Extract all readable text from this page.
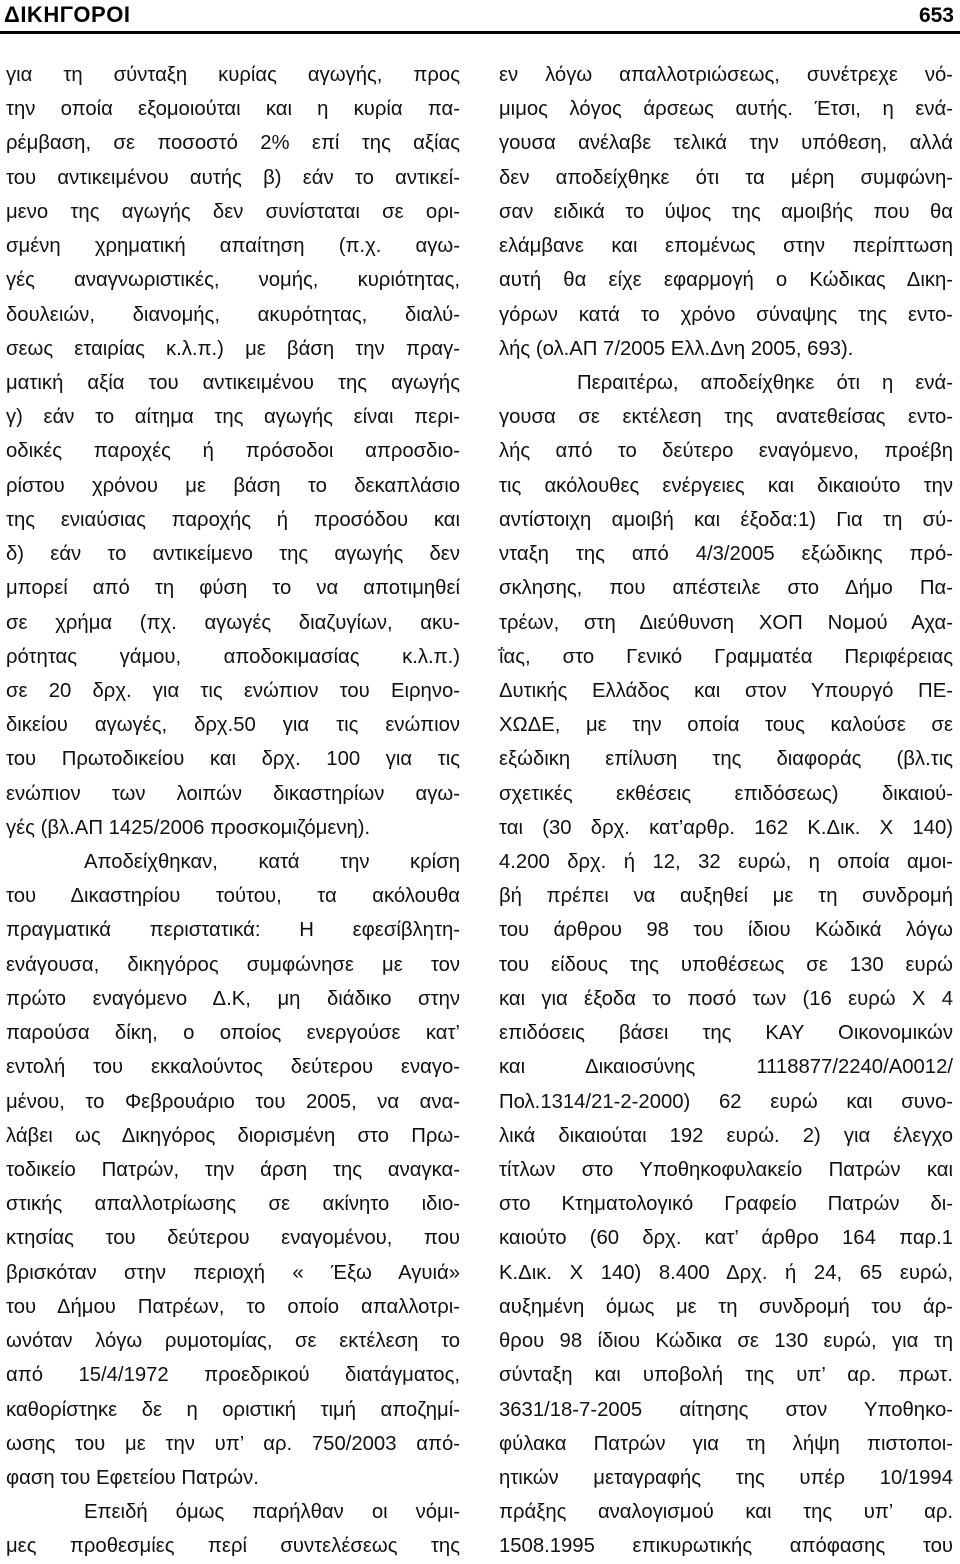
ΔΙΚΗΓΟΡΟΙ	653
για τη σύνταξη κυρίας αγωγής, προς
την οποία εξομοιούται και η κυρία πα-
ρέμβαση, σε ποσοστό 2% επί της αξίας
του αντικειμένου αυτής β) εάν το αντικεί-
μενο της αγωγής δεν συνίσταται σε ορι-
σμένη χρηματική απαίτηση (π.χ. αγω-
γές αναγνωριστικές, νομής, κυριότητας,
δουλειών, διανομής, ακυρότητας, διαλύ-
σεως εταιρίας κ.λ.π.) με βάση την πραγ-
ματική αξία του αντικειμένου της αγωγής
γ) εάν το αίτημα της αγωγής είναι περι-
οδικές παροχές ή πρόσοδοι απροσδιο-
ρίστου χρόνου με βάση το δεκαπλάσιο
της ενιαύσιας παροχής ή προσόδου και
δ) εάν το αντικείμενο της αγωγής δεν
μπορεί από τη φύση το να αποτιμηθεί
σε χρήμα (πχ. αγωγές διαζυγίων, ακυ-
ρότητας γάμου, αποδοκιμασίας κ.λ.π.)
σε 20 δρχ. για τις ενώπιον του Ειρηνο-
δικείου αγωγές, δρχ.50 για τις ενώπιον
του Πρωτοδικείου και δρχ. 100 για τις
ενώπιον των λοιπών δικαστηρίων αγω-
γές (βλ.ΑΠ 1425/2006 προσκομιζόμενη).
Αποδείχθηκαν, κατά την κρίση
του Δικαστηρίου τούτου, τα ακόλουθα
πραγματικά περιστατικά: Η εφεσίβλητη-
ενάγουσα, δικηγόρος συμφώνησε με τον
πρώτο εναγόμενο Δ.Κ, μη διάδικο στην
παρούσα δίκη, ο οποίος ενεργούσε κατ’
εντολή του εκκαλούντος δεύτερου εναγο-
μένου, το Φεβρουάριο του 2005, να ανα-
λάβει ως Δικηγόρος διορισμένη στο Πρω-
τοδικείο Πατρών, την άρση της αναγκα-
στικής απαλλοτρίωσης σε ακίνητο ιδιο-
κτησίας του δεύτερου εναγομένου, που
βρισκόταν στην περιοχή « Έξω Αγυιά»
του Δήμου Πατρέων, το οποίο απαλλοτρι-
ωνόταν λόγω ρυμοτομίας, σε εκτέλεση το
από 15/4/1972 προεδρικού διατάγματος,
καθορίστηκε δε η οριστική τιμή αποζημί-
ωσης του με την υπ’ αρ. 750/2003 από-
φαση του Εφετείου Πατρών.
Επειδή όμως παρήλθαν οι νόμι-
μες προθεσμίες περί συντελέσεως της
εν λόγω απαλλοτριώσεως, συνέτρεχε νό-
μιμος λόγος άρσεως αυτής. Έτσι, η ενά-
γουσα ανέλαβε τελικά την υπόθεση, αλλά
δεν αποδείχθηκε ότι τα μέρη συμφώνη-
σαν ειδικά το ύψος της αμοιβής που θα
ελάμβανε και επομένως στην περίπτωση
αυτή θα είχε εφαρμογή ο Κώδικας Δικη-
γόρων κατά το χρόνο σύναψης της εντο-
λής (ολ.ΑΠ 7/2005 Ελλ.Δνη 2005, 693).
Περαιτέρω, αποδείχθηκε ότι η ενά-
γουσα σε εκτέλεση της ανατεθείσας εντο-
λής από το δεύτερο εναγόμενο, προέβη
τις ακόλουθες ενέργειες και δικαιούτο την
αντίστοιχη αμοιβή και έξοδα:1) Για τη σύ-
νταξη της από 4/3/2005 εξώδικης πρό-
σκλησης, που απέστειλε στο Δήμο Πα-
τρέων, στη Διεύθυνση ΧΟΠ Νομού Αχα-
ΐας, στο Γενικό Γραμματέα Περιφέρειας
Δυτικής Ελλάδος και στον Υπουργό ΠΕ-
ΧΩΔΕ, με την οποία τους καλούσε σε
εξώδικη επίλυση της διαφοράς (βλ.τις
σχετικές εκθέσεις επιδόσεως) δικαιού-
ται (30 δρχ. κατ’αρθρ. 162 Κ.Δικ. Χ 140)
4.200 δρχ. ή 12, 32 ευρώ, η οποία αμοι-
βή πρέπει να αυξηθεί με τη συνδρομή
του άρθρου 98 του ίδιου Κώδικά λόγω
του είδους της υποθέσεως σε 130 ευρώ
και για έξοδα το ποσό των (16 ευρώ Χ 4
επιδόσεις βάσει της ΚΑΥ Οικονομικών
και Δικαιοσύνης 1118877/2240/Α0012/
Πολ.1314/21-2-2000) 62 ευρώ και συνο-
λικά δικαιούται 192 ευρώ. 2) για έλεγχο
τίτλων στο Υποθηκοφυλακείο Πατρών και
στο Κτηματολογικό Γραφείο Πατρών δι-
καιούτο (60 δρχ. κατ’ άρθρο 164 παρ.1
Κ.Δικ. Χ 140) 8.400 Δρχ. ή 24, 65 ευρώ,
αυξημένη όμως με τη συνδρομή του άρ-
θρου 98 ίδιου Κώδικα σε 130 ευρώ, για τη
σύνταξη και υποβολή της υπ’ αρ. πρωτ.
3631/18-7-2005 αίτησης στον Υποθηκο-
φύλακα Πατρών για τη λήψη πιστοποι-
ητικών μεταγραφής της υπέρ 10/1994
πράξης αναλογισμού και της υπ’ αρ.
1508.1995 επικυρωτικής απόφασης του
